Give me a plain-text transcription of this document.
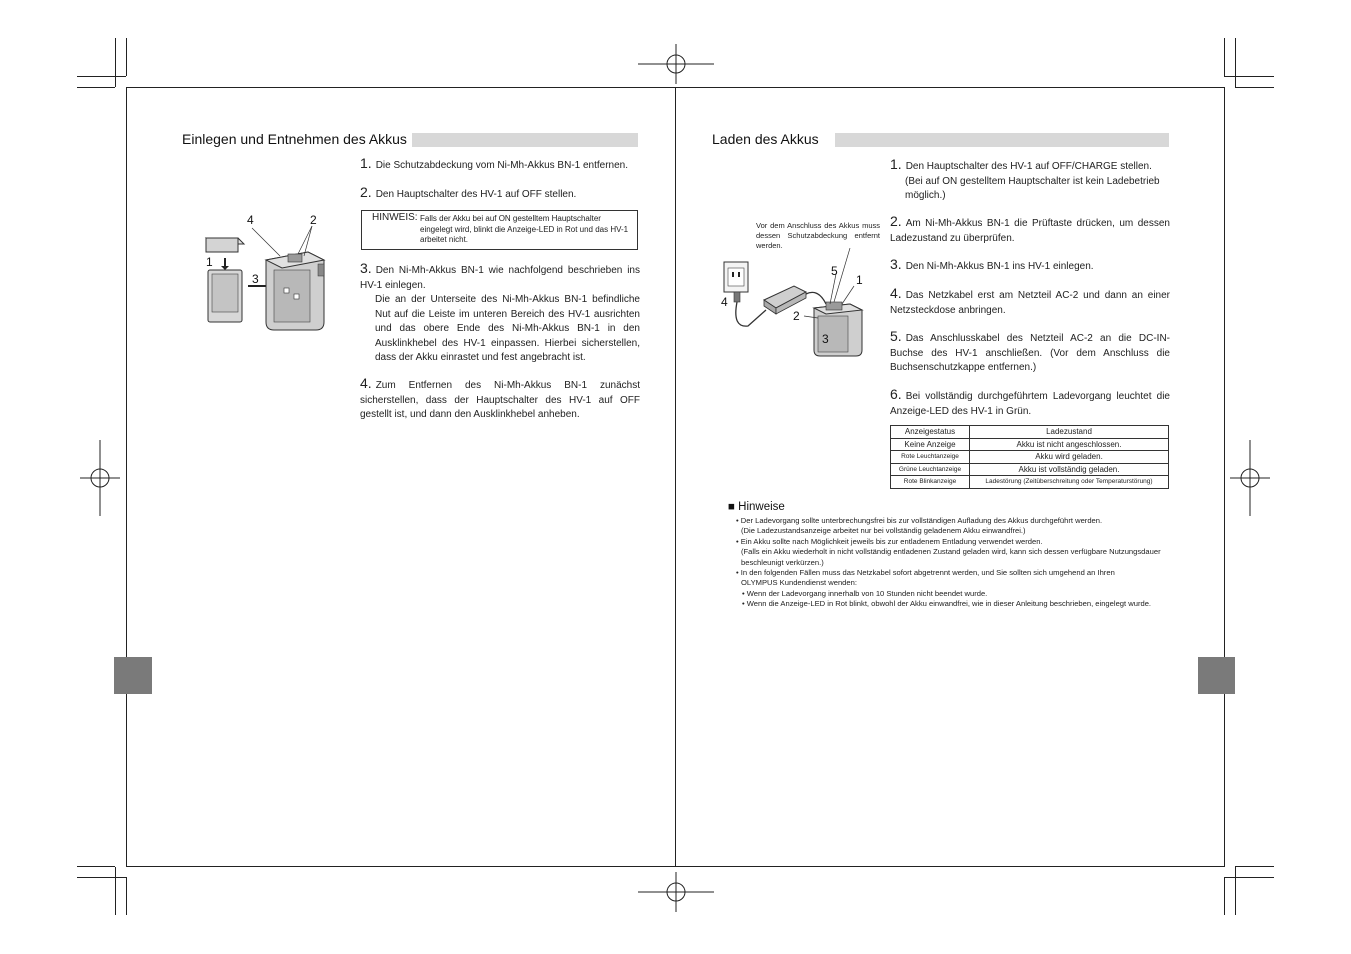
Einlegen und Entnehmen des Akkus
4	2
1
3
1. Die Schutzabdeckung vom Ni-Mh-Akkus BN-1 entfernen.
2. Den Hauptschalter des HV-1 auf OFF stellen.
HINWEIS: Falls der Akku bei auf ON gestelltem Hauptschalter eingelegt wird, blinkt die Anzeige-LED in Rot und das HV-1 arbeitet nicht.
3. Den Ni-Mh-Akkus BN-1 wie nachfolgend beschrieben ins HV-1 einlegen.
Die an der Unterseite des Ni-Mh-Akkus BN-1 befindliche Nut auf die Leiste im unteren Bereich des HV-1 ausrichten und das obere Ende des Ni-Mh-Akkus BN-1 in den Ausklinkhebel des HV-1 einpassen. Hierbei sicherstellen, dass der Akku einrastet und fest angebracht ist.
4. Zum Entfernen des Ni-Mh-Akkus BN-1 zunächst sicherstellen, dass der Hauptschalter des HV-1 auf OFF gestellt ist, und dann den Ausklinkhebel anheben.
Laden des Akkus
Vor dem Anschluss des Akkus muss dessen Schutzabdeckung entfernt werden.
5
1
4
2
3
1. Den Hauptschalter des HV-1 auf OFF/CHARGE stellen.
(Bei auf ON gestelltem Hauptschalter ist kein Ladebetrieb möglich.)
2. Am Ni-Mh-Akkus BN-1 die Prüftaste drücken, um dessen Ladezustand zu überprüfen.
3. Den Ni-Mh-Akkus BN-1 ins HV-1 einlegen.
4. Das Netzkabel erst am Netzteil AC-2 und dann an einer Netzsteckdose anbringen.
5. Das Anschlusskabel des Netzteil AC-2 an die DC-IN-Buchse des HV-1 anschließen. (Vor dem Anschluss die Buchsenschutzkappe entfernen.)
6. Bei vollständig durchgeführtem Ladevorgang leuchtet die Anzeige-LED des HV-1 in Grün.
Anzeigestatus	Ladezustand
Keine Anzeige	Akku ist nicht angeschlossen.
Rote Leuchtanzeige	Akku wird geladen.
Grüne Leuchtanzeige	Akku ist vollständig geladen.
Rote Blinkanzeige	Ladestörung (Zeitüberschreitung oder Temperaturstörung)
■ Hinweise
• Der Ladevorgang sollte unterbrechungsfrei bis zur vollständigen Aufladung des Akkus durchgeführt werden.
(Die Ladezustandsanzeige arbeitet nur bei vollständig geladenem Akku einwandfrei.)
• Ein Akku sollte nach Möglichkeit jeweils bis zur entladenem Entladung verwendet werden.
(Falls ein Akku wiederholt in nicht vollständig entladenen Zustand geladen wird, kann sich dessen verfügbare Nutzungsdauer beschleunigt verkürzen.)
• In den folgenden Fällen muss das Netzkabel sofort abgetrennt werden, und Sie sollten sich umgehend an Ihren
OLYMPUS Kundendienst wenden:
• Wenn der Ladevorgang innerhalb von 10 Stunden nicht beendet wurde.
• Wenn die Anzeige-LED in Rot blinkt, obwohl der Akku einwandfrei, wie in dieser Anleitung beschrieben, eingelegt wurde.
